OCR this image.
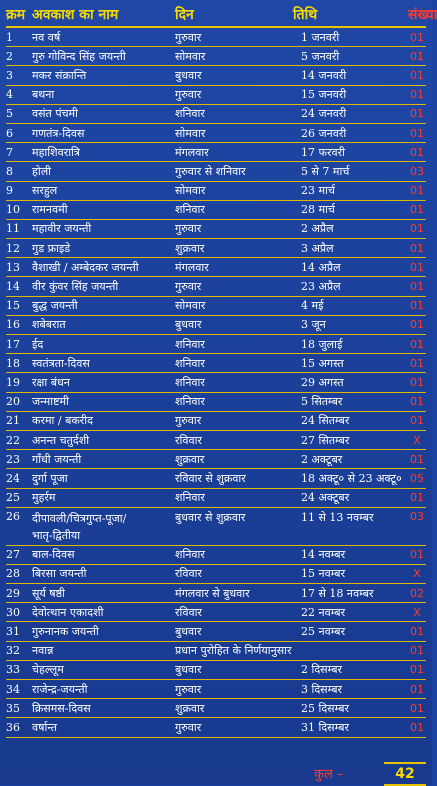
क्रम अवकाश का नाम	दिन	तिथि	संख्या
1	नव वर्ष	गुरुवार	1 जनवरी	01
2	गुरु गोविन्द सिंह जयन्ती	सोमवार	5 जनवरी	01
3	मकर संक्रान्ति	बुधवार	14 जनवरी	01
4	बथना	गुरुवार	15 जनवरी	01
5	वसंत पंचमी	शनिवार	24 जनवरी	01
6	गणतंत्र-दिवस	सोमवार	26 जनवरी	01
7	महाशिवरात्रि	मंगलवार	17 फरवरी	01
8	होली	गुरुवार से शनिवार	5 से 7 मार्च	03
9	सरहुल	सोमवार	23 मार्च	01
10	रामनवमी	शनिवार	28 मार्च	01
11	महावीर जयन्ती	गुरुवार	2 अप्रैल	01
12	गुड फ्राइडे	शुक्रवार	3 अप्रैल	01
13	वैशाखी / अम्बेदकर जयन्ती	मंगलवार	14 अप्रैल	01
14	वीर कुंवर सिंह जयन्ती	गुरुवार	23 अप्रैल	01
15	बुद्ध जयन्ती	सोमवार	4 मई	01
16	शबेबरात	बुधवार	3 जून	01
17	ईद	शनिवार	18 जुलाई	01
18	स्वतंत्रता-दिवस	शनिवार	15 अगस्त	01
19	रक्षा बंधन	शनिवार	29 अगस्त	01
20	जन्माष्टमी	शनिवार	5 सितम्बर	01
21	करमा / बकरीद	गुरुवार	24 सितम्बर	01
22	अनन्त चतुर्दशी	रविवार	27 सितम्बर	X
23	गाँधी जयन्ती	शुक्रवार	2 अक्टूबर	01
24	दुर्गा पूजा	रविवार से शुक्रवार	18 अक्टू० से 23 अक्टू० 05
25	मुहर्रम	शनिवार	24 अक्टूबर	01
26	दीपावली/चित्रगुप्त-पूजा/
भातृ-द्वितीया
बुधवार से शुक्रवार	11 से 13 नवम्बर	03
27	बाल-दिवस	शनिवार	14 नवम्बर	01
28	बिरसा जयन्ती	रविवार	15 नवम्बर	X
29	सूर्य षष्ठी	मंगलवार से बुधवार	17 से 18 नवम्बर	02
30	देवोत्थान एकादशी	रविवार	22 नवम्बर	X
31	गुरुनानक जयन्ती	बुधवार	25 नवम्बर	01
32	नवान्न	प्रधान पुरोहित के निर्णयानुसार	01
33	चेहल्लूम	बुधवार	2 दिसम्बर	01
34	राजेन्द्र-जयन्ती	गुरुवार	3 दिसम्बर	01
35	क्रिसमस-दिवस	शुक्रवार	25 दिसम्बर	01
36	वर्षान्त	गुरुवार	31 दिसम्बर	01
कुल –	42
